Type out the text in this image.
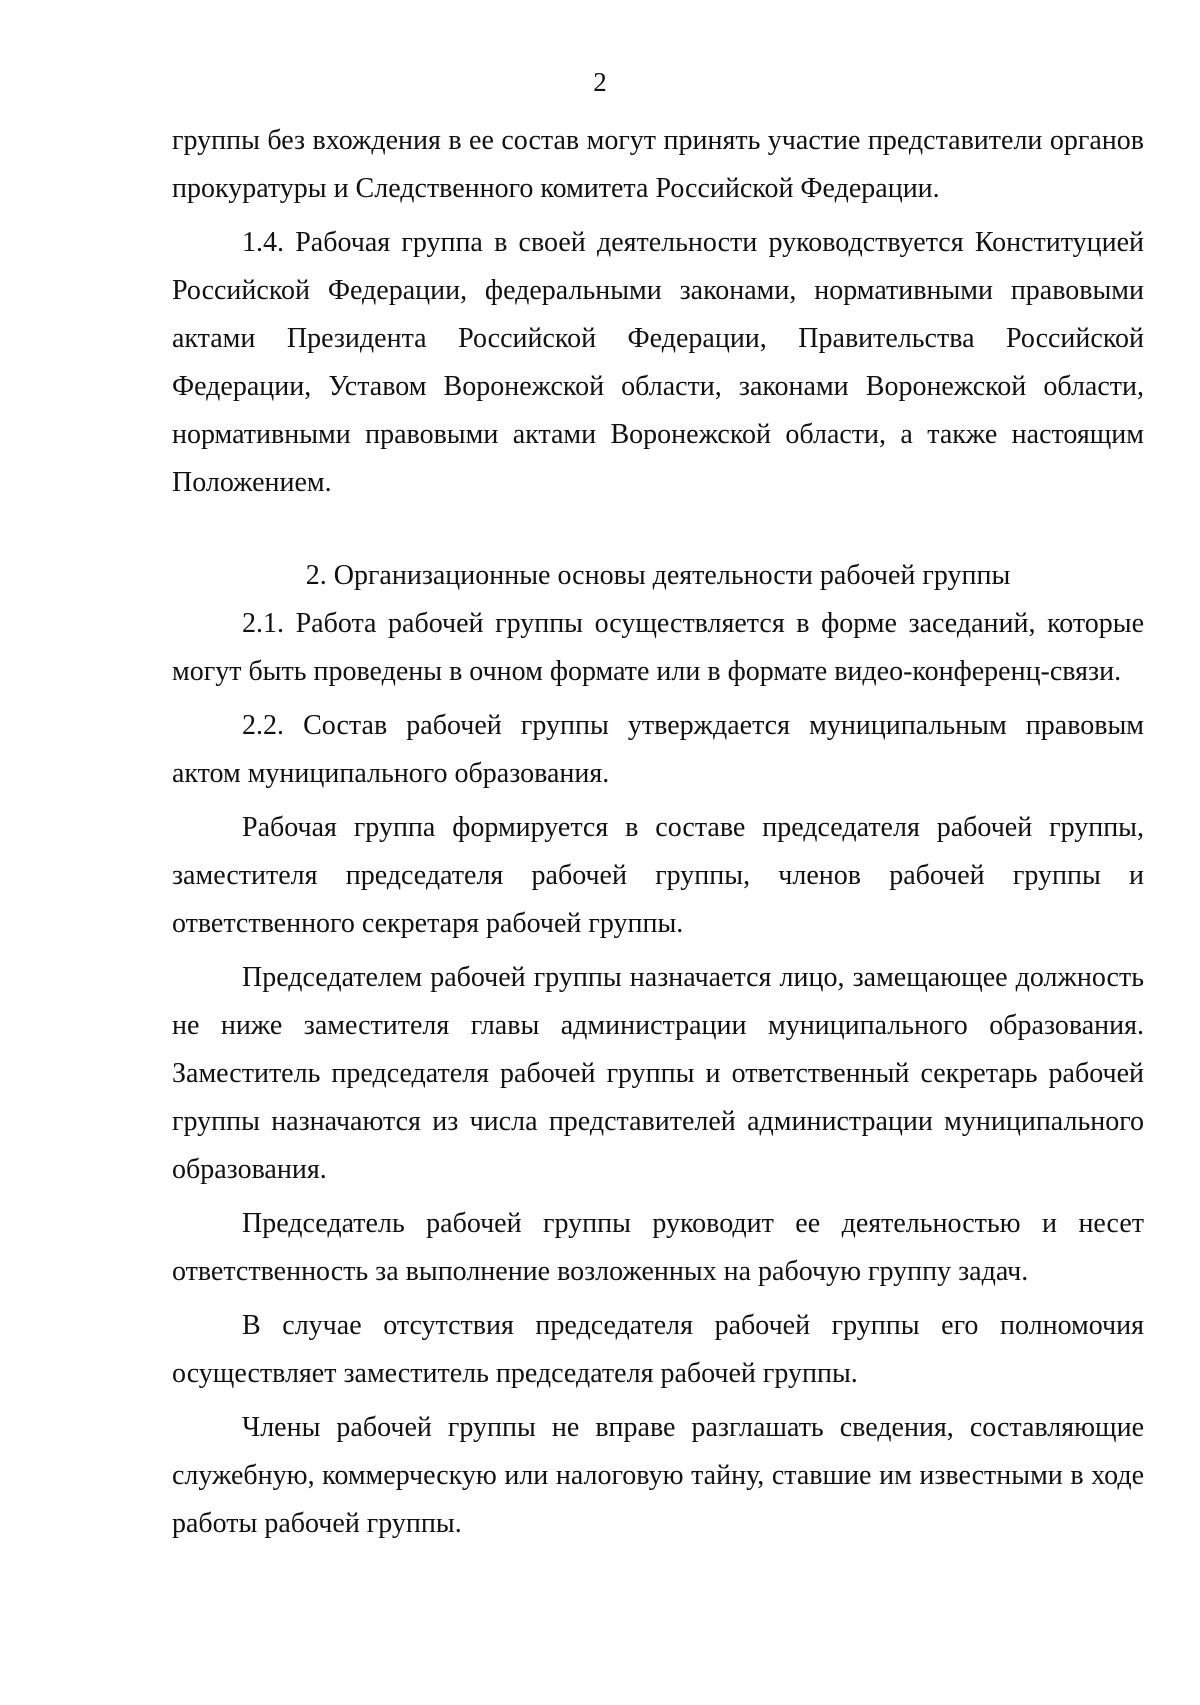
2

группы без вхождения в ее состав могут принять участие представители органов прокуратуры и Следственного комитета Российской Федерации.

1.4. Рабочая группа в своей деятельности руководствуется Конституцией Российской Федерации, федеральными законами, нормативными правовыми актами Президента Российской Федерации, Правительства Российской Федерации, Уставом Воронежской области, законами Воронежской области, нормативными правовыми актами Воронежской области, а также настоящим Положением.

2. Организационные основы деятельности рабочей группы

2.1. Работа рабочей группы осуществляется в форме заседаний, которые могут быть проведены в очном формате или в формате видео-конференц-связи.

2.2. Состав рабочей группы утверждается муниципальным правовым актом муниципального образования.

Рабочая группа формируется в составе председателя рабочей группы, заместителя председателя рабочей группы, членов рабочей группы и ответственного секретаря рабочей группы.

Председателем рабочей группы назначается лицо, замещающее должность не ниже заместителя главы администрации муниципального образования. Заместитель председателя рабочей группы и ответственный секретарь рабочей группы назначаются из числа представителей администрации муниципального образования.

Председатель рабочей группы руководит ее деятельностью и несет ответственность за выполнение возложенных на рабочую группу задач.

В случае отсутствия председателя рабочей группы его полномочия осуществляет заместитель председателя рабочей группы.

Члены рабочей группы не вправе разглашать сведения, составляющие служебную, коммерческую или налоговую тайну, ставшие им известными в ходе работы рабочей группы.
